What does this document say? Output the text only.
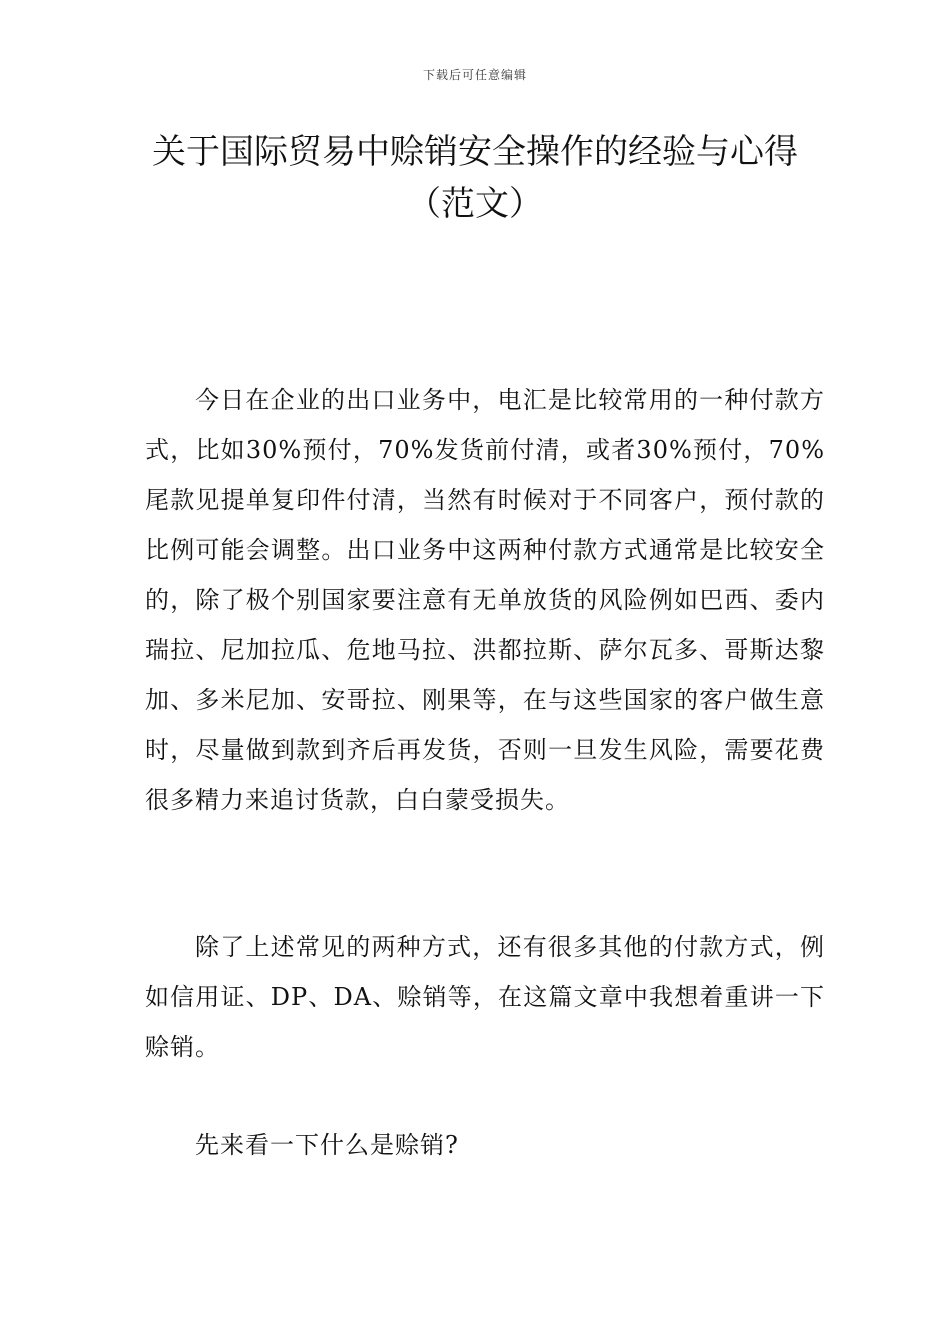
下载后可任意编辑
关于国际贸易中赊销安全操作的经验与心得（范文）

今日在企业的出口业务中，电汇是比较常用的一种付款方式，比如30%预付，70%发货前付清，或者30%预付，70%尾款见提单复印件付清，当然有时候对于不同客户，预付款的比例可能会调整。出口业务中这两种付款方式通常是比较安全的，除了极个别国家要注意有无单放货的风险例如巴西、委内瑞拉、尼加拉瓜、危地马拉、洪都拉斯、萨尔瓦多、哥斯达黎加、多米尼加、安哥拉、刚果等，在与这些国家的客户做生意时，尽量做到款到齐后再发货，否则一旦发生风险，需要花费很多精力来追讨货款，白白蒙受损失。

除了上述常见的两种方式，还有很多其他的付款方式，例如信用证、DP、DA、赊销等，在这篇文章中我想着重讲一下赊销。

先来看一下什么是赊销?
